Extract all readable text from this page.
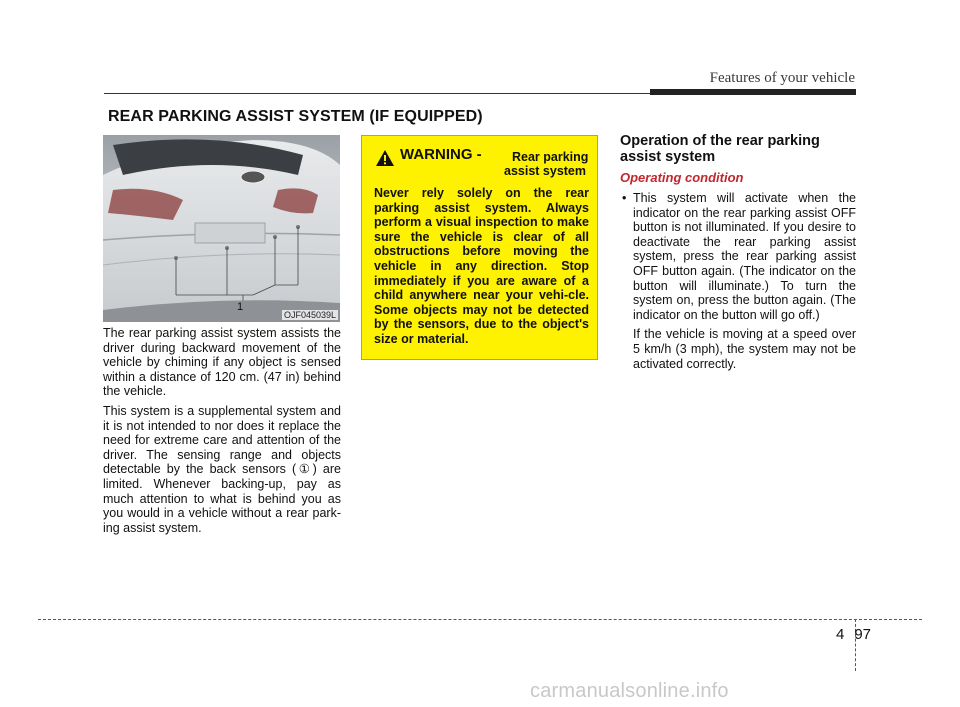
Features of your vehicle
REAR PARKING ASSIST SYSTEM (IF EQUIPPED)
1
OJF045039L

The rear parking assist system assists the driver during backward movement of the vehicle by chiming if any object is sensed within a distance of 120 cm. (47 in) behind the vehicle.

This system is a supplemental system and it is not intended to nor does it replace the need for extreme care and attention of the driver. The sensing range and objects detectable by the back sensors (①) are limited. Whenever backing-up, pay as much attention to what is behind you as you would in a vehicle without a rear park-ing assist system.

WARNING - Rear parking
assist system
Never rely solely on the rear parking assist system. Always perform a visual inspection to make sure the vehicle is clear of all obstructions before moving the vehicle in any direction. Stop immediately if you are aware of a child anywhere near your vehi-cle. Some objects may not be detected by the sensors, due to the object's size or material.
Operation of the rear parking assist system
Operating condition
• This system will activate when the indicator on the rear parking assist OFF button is not illuminated. If you desire to deactivate the rear parking assist system, press the rear parking assist OFF button again. (The indicator on the button will illuminate.) To turn the system on, press the button again. (The indicator on the button will go off.)
If the vehicle is moving at a speed over 5 km/h (3 mph), the system may not be activated correctly.
4 97
carmanualsonline.info
